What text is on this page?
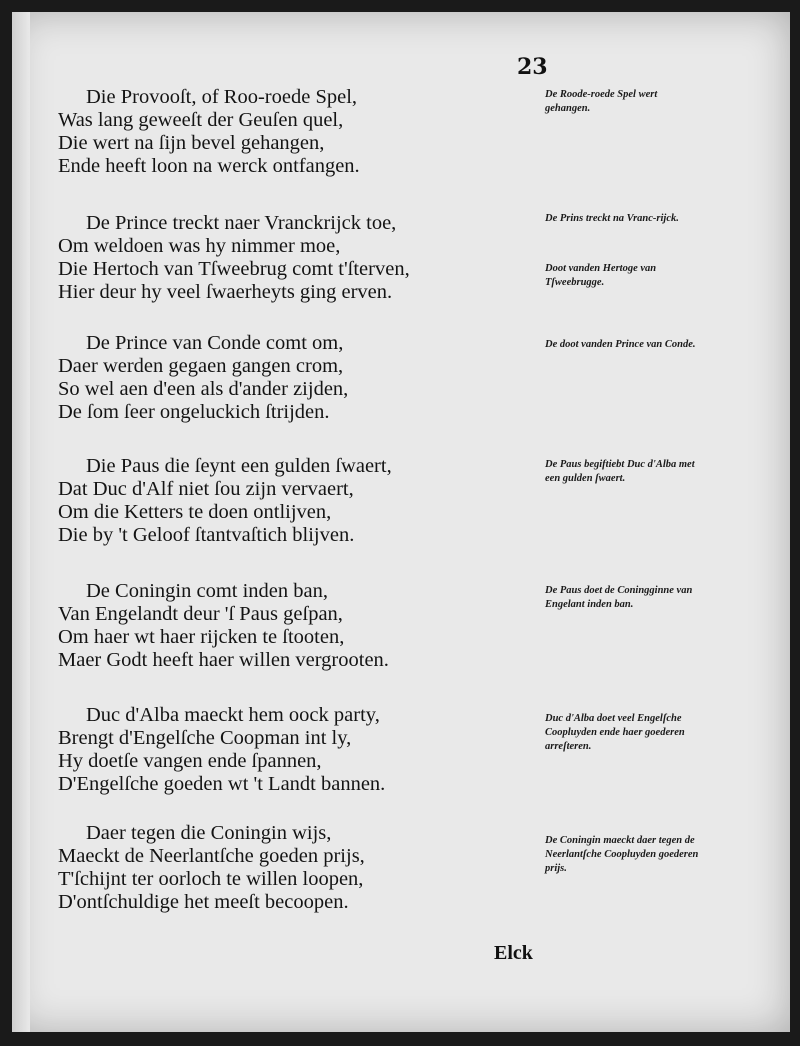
23
Die Provooſt, of Roo-roede Spel,
Was lang geweeſt der Geuſen quel,
Die wert na ſijn bevel gehangen,
Ende heeft loon na werck ontfangen.
De Roode-roede Spel wert gehangen.
De Prince treckt naer Vranckrijck toe,
Om weldoen was hy nimmer moe,
Die Hertoch van Tſweebrug comt t'ſterven,
Hier deur hy veel ſwaerheyts ging erven.
De Prins treckt na Vranc-rijck.
Doot vanden Hertoge van Tſweebrugge.
De Prince van Conde comt om,
Daer werden gegaen gangen crom,
So wel aen d'een als d'ander zijden,
De ſom ſeer ongeluckich ſtrijden.
De doot vanden Prince van Conde.
Die Paus die ſeynt een gulden ſwaert,
Dat Duc d'Alf niet ſou zijn vervaert,
Om die Ketters te doen ontlijven,
Die by 't Geloof ſtantvaſtich blijven.
De Paus begiftiebt Duc d'Alba met een gulden ſwaert.
De Coningin comt inden ban,
Van Engelandt deur 'ſ Paus geſpan,
Om haer wt haer rijcken te ſtooten,
Maer Godt heeft haer willen vergrooten.
De Paus doet de Coningginne van Engelant inden ban.
Duc d'Alba maeckt hem oock party,
Brengt d'Engelſche Coopman int ly,
Hy doetſe vangen ende ſpannen,
D'Engelſche goeden wt 't Landt bannen.
Duc d'Alba doet veel Engelſche Coopluyden ende haer goederen arreſteren.
Daer tegen die Coningin wijs,
Maeckt de Neerlantſche goeden prijs,
T'ſchijnt ter oorloch te willen loopen,
D'ontſchuldige het meeſt becoopen.
De Coningin maeckt daer tegen de Neerlantſche Coopluyden goederen prijs.
Elck
